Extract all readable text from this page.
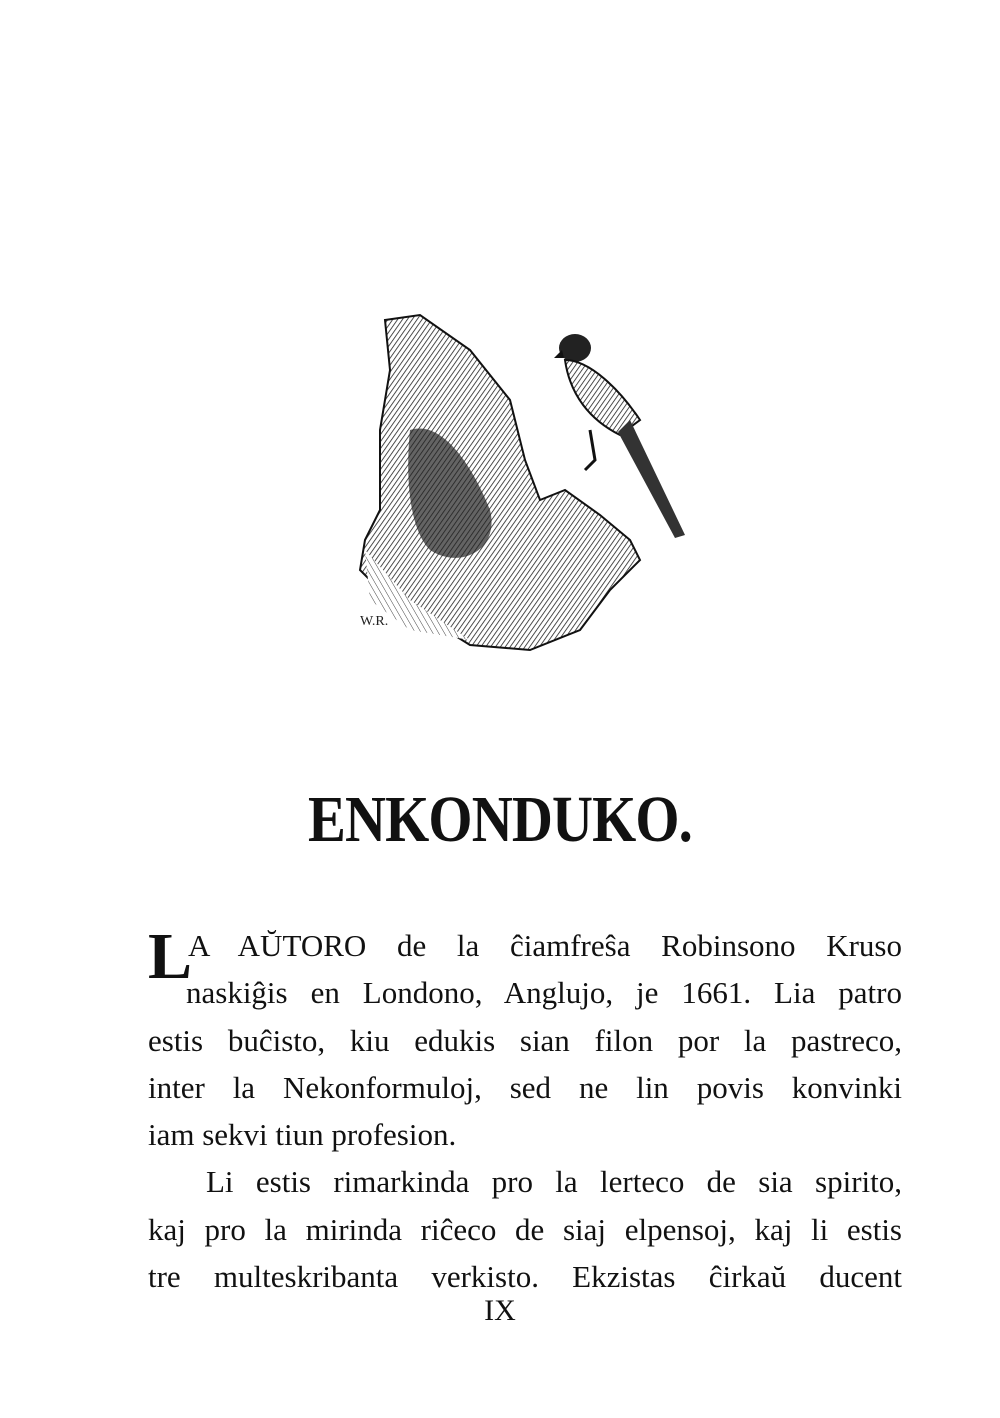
W.R.
ENKONDUKO.
L
A AŬTORO de la ĉiamfreŝa Robinsono Kruso
naskiĝis en Londono, Anglujo, je 1661. Lia patro
estis buĉisto, kiu edukis sian filon por la pastreco,
inter la Nekonformuloj, sed ne lin povis konvinki
iam sekvi tiun profesion.
Li estis rimarkinda pro la lerteco de sia spirito,
kaj pro la mirinda riĉeco de siaj elpensoj, kaj li estis
tre multeskribanta verkisto. Ekzistas ĉirkaŭ ducent
IX
